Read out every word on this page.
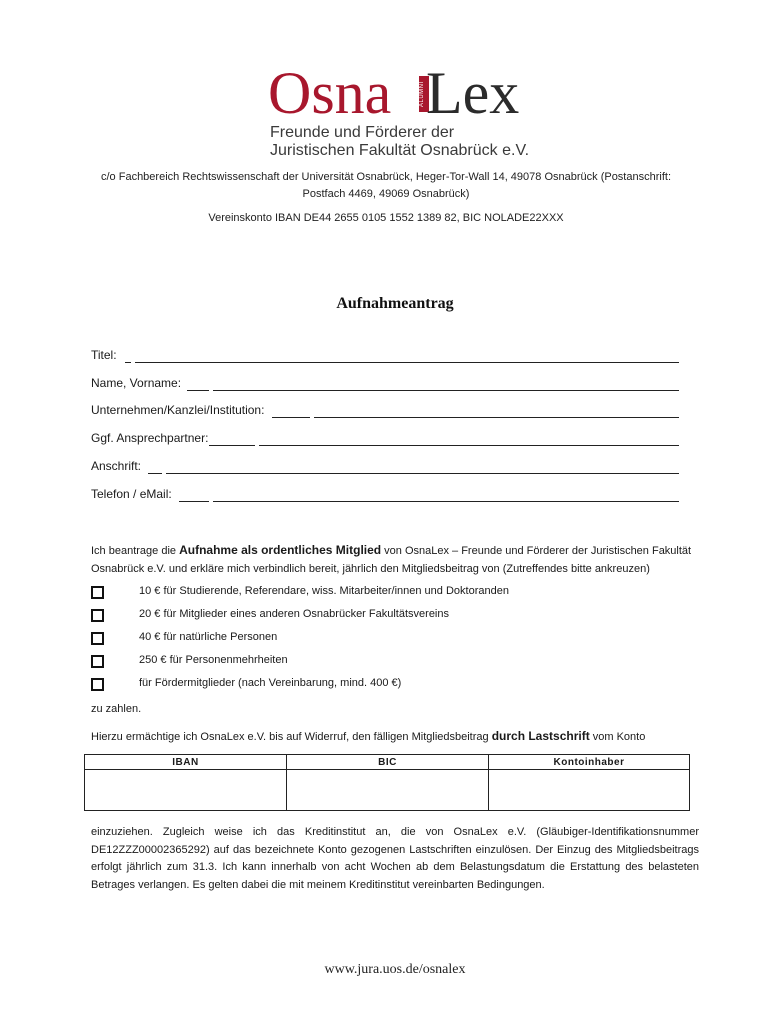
Osna	ALUMNI Lex
Freunde und Förderer der
Juristischen Fakultät Osnabrück e.V.
c/o Fachbereich Rechtswissenschaft der Universität Osnabrück, Heger-Tor-Wall 14, 49078 Osnabrück (Postanschrift: Postfach 4469, 49069 Osnabrück)
Vereinskonto IBAN DE44 2655 0105 1552 1389 82, BIC NOLADE22XXX
Aufnahmeantrag
Titel:
Name, Vorname:
Unternehmen/Kanzlei/Institution:
Ggf. Ansprechpartner:
Anschrift:
Telefon / eMail:
Ich beantrage die Aufnahme als ordentliches Mitglied von OsnaLex – Freunde und Förderer der Juristischen Fakultät Osnabrück e.V. und erkläre mich verbindlich bereit, jährlich den Mitgliedsbeitrag von (Zutreffendes bitte ankreuzen)
10 € für Studierende, Referendare, wiss. Mitarbeiter/innen und Doktoranden
20 € für Mitglieder eines anderen Osnabrücker Fakultätsvereins
40 € für natürliche Personen
250 € für Personenmehrheiten
für Fördermitglieder (nach Vereinbarung, mind. 400 €)
zu zahlen.
Hierzu ermächtige ich OsnaLex e.V. bis auf Widerruf, den fälligen Mitgliedsbeitrag durch Lastschrift vom Konto
IBAN	BIC	Kontoinhaber

einzuziehen. Zugleich weise ich das Kreditinstitut an, die von OsnaLex e.V. (Gläubiger-Identifikationsnummer DE12ZZZ00002365292) auf das bezeichnete Konto gezogenen Lastschriften einzulösen. Der Einzug des Mitgliedsbeitrags erfolgt jährlich zum 31.3. Ich kann innerhalb von acht Wochen ab dem Belastungsdatum die Erstattung des belasteten Betrages verlangen. Es gelten dabei die mit meinem Kreditinstitut vereinbarten Bedingungen.
www.jura.uos.de/osnalex
